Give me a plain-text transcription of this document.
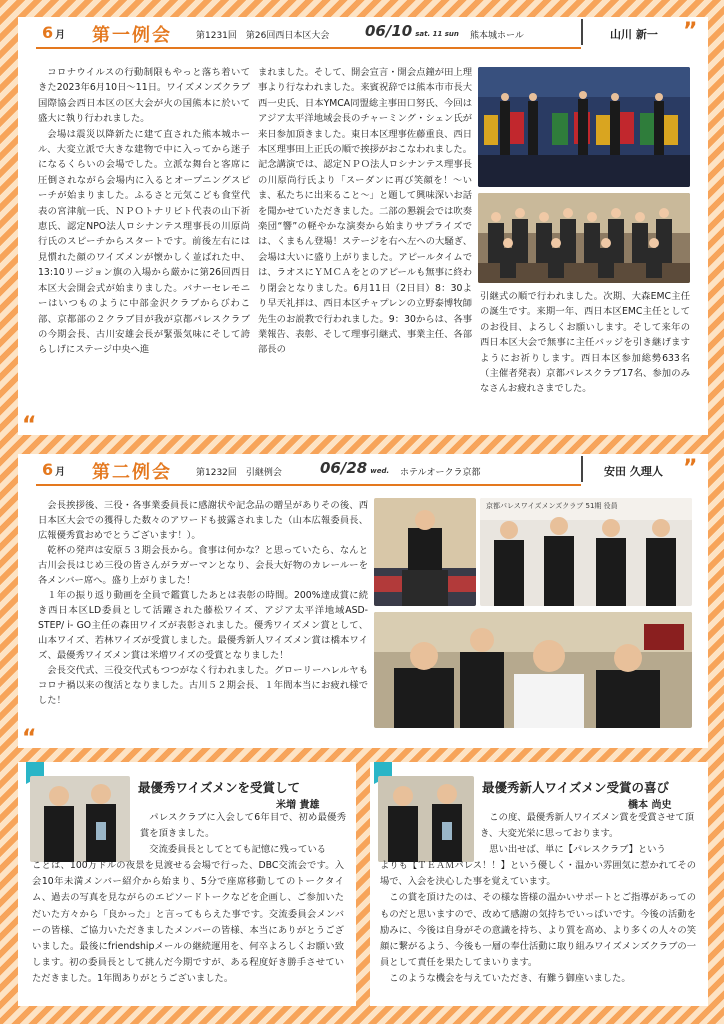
6 月 第一例会	第1231回　第26回西日本区大会 06/10 sat. 11 sun 熊本城ホール	山川 新一 ”

コロナウイルスの行動制限もやっと落ち着いてきた2023年6月10日～11日。ワイズメンズクラブ国際協会西日本区の区大会が火の国熊本に於いて盛大に執り行われました。

会場は震災以降新たに建て直された熊本城ホール、大変立派で大きな建物で中に入ってから迷子になるくらいの会場でした。立派な舞台と客席に圧倒されながら会場内に入るとオープニングスピーチが始まりました。ふるさと元気こども食堂代表の宮津航一氏、ＮＰＯトナリビト代表の山下祈恵氏、認定NPO法人ロシナンテス理事長の川原尚行氏のスピーチからスタートです。前後左右には見慣れた顔のワイズメンが懐かしく並ばれた中、13:10リージョン旗の入場から厳かに第26回西日本区大会開会式が始まりました。バナーセレモニーはいつものように中部金沢クラブからびわこ部、京都部の２クラブ目が我が京都パレスクラブの今期会長、古川安雄会長が緊張気味にそして誇らしげにステージ中央へ進

まれました。そして、開会宣言・開会点鐘が田上理事より行なわれました。来賓祝辞では熊本市市長大西一史氏、日本YMCA同盟総主事田口努氏、今回はアジア太平洋地域会長のチャーミング・シェン氏が来日参加頂きました。東日本区理事佐藤重良、西日本区理事田上正氏の順で挨拶がおこなわれました。記念講演では、認定ＮＰＯ法人ロシナンテス理事長の川原尚行氏より「スーダンに再び笑顔を！～いま、私たちに出来ること～」と題して興味深いお話を聞かせていただきました。二部の懇親会では吹奏楽団“響”の軽やかな演奏から始まりサプライズでは、くまもん登場！ステージを右へ左への大騒ぎ、会場は大いに盛り上がりました。アピールタイムでは、ラオスにＹＭＣＡをとのアピールも無事に終わり閉会となりました。6月11日（2日目）8：30より早天礼拝は、西日本区チャプレンの立野泰博牧師先生のお説教で行われました。9：30からは、各事業報告、表彰、そして理事引継式、事業主任、各部部長の

引継式の順で行われました。次期、大森EMC主任の誕生です。来期一年、西日本区EMC主任としてのお役目、よろしくお願いします。そして来年の西日本区大会で無事に主任バッジを引き継げますようにお祈りします。西日本区参加総勢633名（主催者発表）京都パレスクラブ17名、参加のみなさんお疲れさまでした。

“
6 月 第二例会	第1232回　引継例会	06/28 wed. ホテルオークラ京都	安田 久理人 ”

会長挨拶後、三役・各事業委員長に感謝状や記念品の贈呈がありその後、西日本区大会での獲得した数々のアワードも披露されました（山本広報委員長、広報優秀賞おめでとうございます！）。

乾杯の発声は安原５３期会長から。食事は何かな？と思っていたら、なんと古川会長はじめ三役の皆さんがラガーマンとなり、会長大好物のカレールーを各メンバー席へ。盛り上がりました！

１年の振り返り動画を全員で鑑賞したあとは表彰の時間。200%達成賞に続き西日本区LD委員として活躍された藤松ワイズ、アジア太平洋地域ASD-STEP/ i- GO主任の森田ワイズが表彰されました。優秀ワイズメン賞として、山本ワイズ、若林ワイズが受賞しました。最優秀新人ワイズメン賞は橋本ワイズ、最優秀ワイズメン賞は米増ワイズの受賞となりました！

会長交代式、三役交代式もつつがなく行われました。グローリーハレルヤもコロナ禍以来の復活となりました。古川５２期会長、１年間本当にお疲れ様でした！

京都パレスワイズメンズクラブ 51期 役員
“
最優秀ワイズメンを受賞して
米増 貴雄

パレスクラブに入会して6年目で、初め最優秀賞を頂きました。

交流委員長としてとても記憶に残っている

ことは、100万ドルの夜景を見渡せる会場で行った、DBC交流会です。入会10年未満メンバー紹介から始まり、5分で座席移動してのトークタイム、過去の写真を見ながらのエピソードトークなどを企画し、ご参加いただいた方々から「良かった」と言ってもらえた事です。交流委員会メンバーの皆様、ご協力いただきましたメンバーの皆様、本当にありがとうございました。最後にfriendshipメールの継続運用を、何卒よろしくお願い致します。初の委員長として挑んだ今期ですが、ある程度好き勝手させていただきました。1年間ありがとうございました。

最優秀新人ワイズメン受賞の喜び
橋本 尚史

この度、最優秀新人ワイズメン賞を受賞させて頂き、大変光栄に思っております。

思い出せば、単に【パレスクラブ】という

よりも【ＴＥＡＭパレス！！】という優しく・温かい雰囲気に惹かれてその場で、入会を決心した事を覚えています。

この賞を頂けたのは、その様な皆様の温かいサポートとご指導があってのものだと思いますので、改めて感謝の気持ちでいっぱいです。今後の活動を励みに、今後は自身がその意識を持ち、より質を高め、より多くの人々の笑顔に繋がるよう、今後も一層の奉仕活動に取り組みワイズメンズクラブの一員として責任を果たしてまいります。

このような機会を与えていただき、有難う御座いました。
